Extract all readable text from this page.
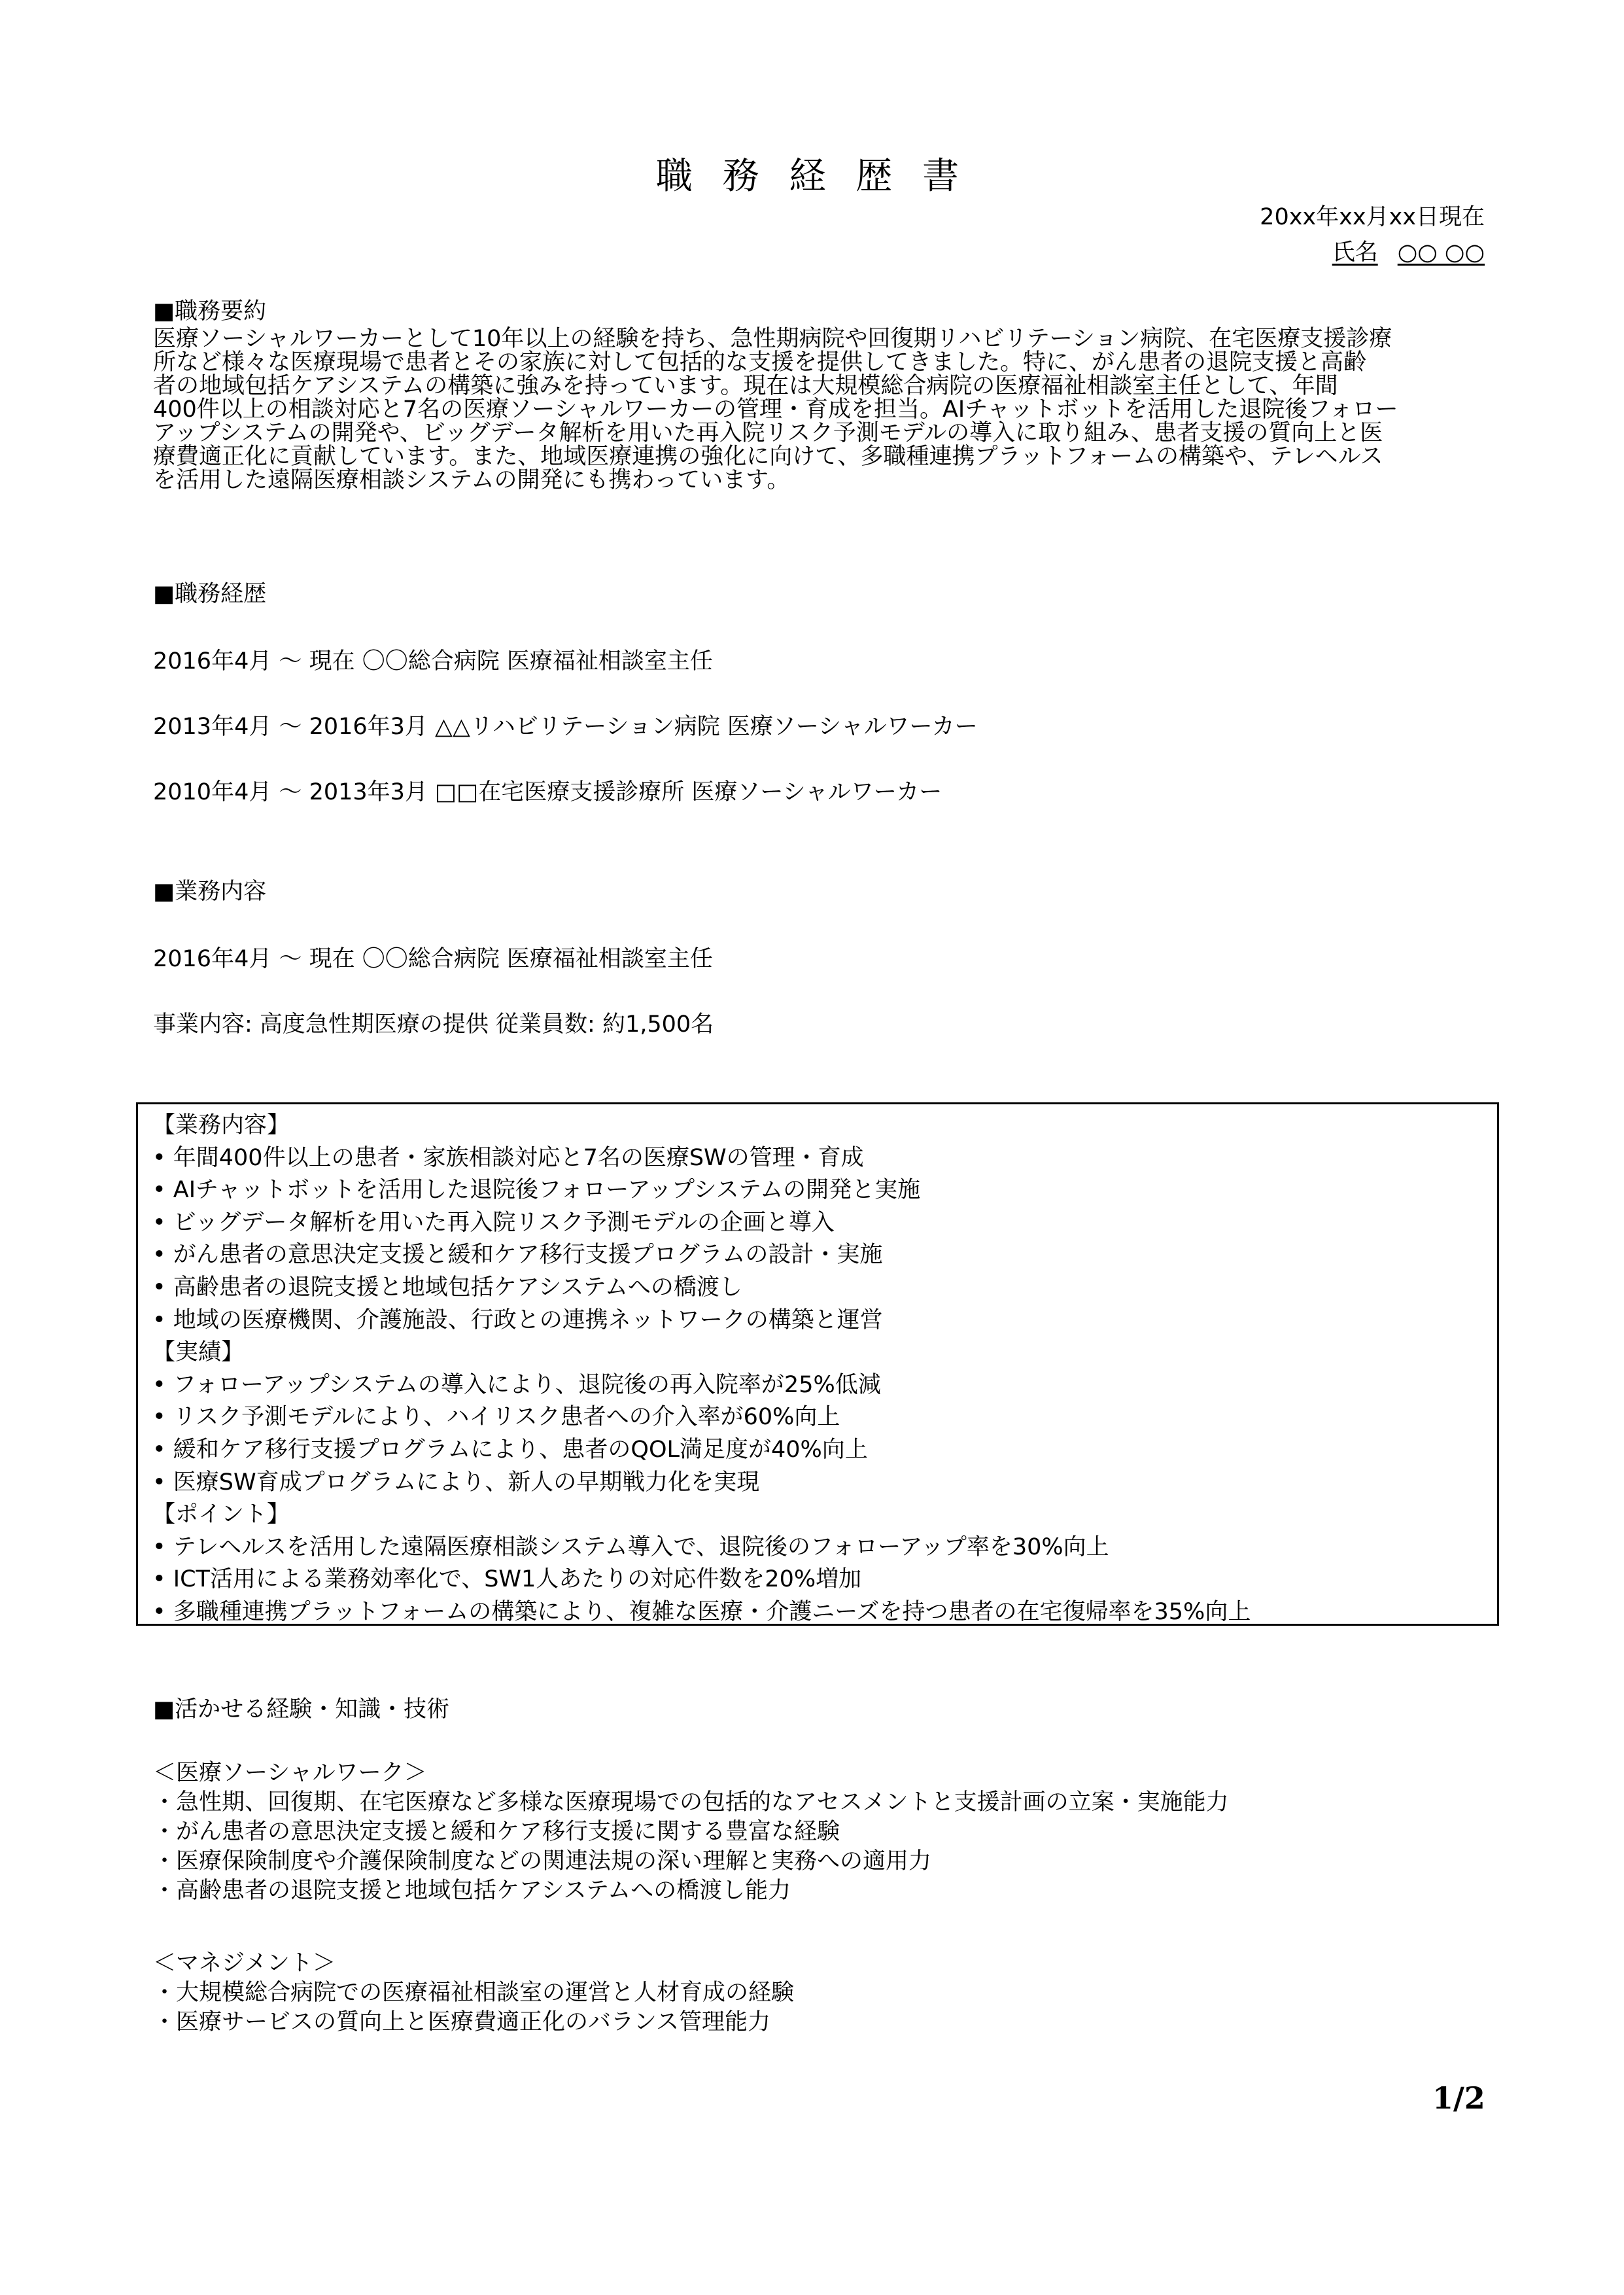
職 務 経 歴 書
20xx年xx月xx日現在
氏名 ○○ ○○
■職務要約
医療ソーシャルワーカーとして10年以上の経験を持ち、急性期病院や回復期リハビリテーション病院、在宅医療支援診療
所など様々な医療現場で患者とその家族に対して包括的な支援を提供してきました。特に、がん患者の退院支援と高齢
者の地域包括ケアシステムの構築に強みを持っています。現在は大規模総合病院の医療福祉相談室主任として、年間
400件以上の相談対応と7名の医療ソーシャルワーカーの管理・育成を担当。AIチャットボットを活用した退院後フォロー
アップシステムの開発や、ビッグデータ解析を用いた再入院リスク予測モデルの導入に取り組み、患者支援の質向上と医
療費適正化に貢献しています。また、地域医療連携の強化に向けて、多職種連携プラットフォームの構築や、テレヘルス
を活用した遠隔医療相談システムの開発にも携わっています。
■職務経歴
2016年4月 ～ 現在 〇〇総合病院 医療福祉相談室主任
2013年4月 ～ 2016年3月 △△リハビリテーション病院 医療ソーシャルワーカー
2010年4月 ～ 2013年3月 □□在宅医療支援診療所 医療ソーシャルワーカー
■業務内容
2016年4月 ～ 現在 〇〇総合病院 医療福祉相談室主任
事業内容: 高度急性期医療の提供 従業員数: 約1,500名
【業務内容】
• 年間400件以上の患者・家族相談対応と7名の医療SWの管理・育成
• AIチャットボットを活用した退院後フォローアップシステムの開発と実施
• ビッグデータ解析を用いた再入院リスク予測モデルの企画と導入
• がん患者の意思決定支援と緩和ケア移行支援プログラムの設計・実施
• 高齢患者の退院支援と地域包括ケアシステムへの橋渡し
• 地域の医療機関、介護施設、行政との連携ネットワークの構築と運営
【実績】
• フォローアップシステムの導入により、退院後の再入院率が25%低減
• リスク予測モデルにより、ハイリスク患者への介入率が60%向上
• 緩和ケア移行支援プログラムにより、患者のQOL満足度が40%向上
• 医療SW育成プログラムにより、新人の早期戦力化を実現
【ポイント】
• テレヘルスを活用した遠隔医療相談システム導入で、退院後のフォローアップ率を30%向上
• ICT活用による業務効率化で、SW1人あたりの対応件数を20%増加
• 多職種連携プラットフォームの構築により、複雑な医療・介護ニーズを持つ患者の在宅復帰率を35%向上
■活かせる経験・知識・技術
＜医療ソーシャルワーク＞
・急性期、回復期、在宅医療など多様な医療現場での包括的なアセスメントと支援計画の立案・実施能力
・がん患者の意思決定支援と緩和ケア移行支援に関する豊富な経験
・医療保険制度や介護保険制度などの関連法規の深い理解と実務への適用力
・高齢患者の退院支援と地域包括ケアシステムへの橋渡し能力
＜マネジメント＞
・大規模総合病院での医療福祉相談室の運営と人材育成の経験
・医療サービスの質向上と医療費適正化のバランス管理能力
1/2
